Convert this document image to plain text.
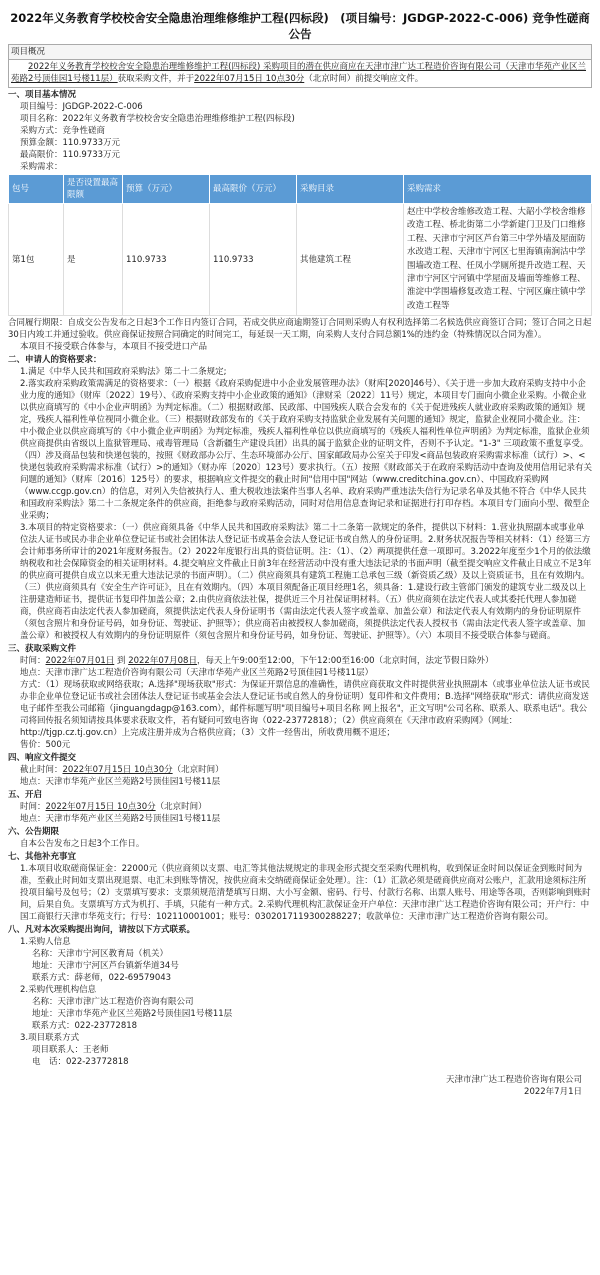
2022年义务教育学校校舍安全隐患治理维修维护工程(四标段)　(项目编号：JGDGP-2022-C-006) 竞争性磋商公告
项目概况
2022年义务教育学校校舍安全隐患治理维修维护工程(四标段) 采购项目的潜在供应商应在天津市津广达工程造价咨询有限公司（天津市华苑产业区兰苑路2号顶佳园1号楼11层）获取采购文件，并于2022年07月15日 10点30分（北京时间）前提交响应文件。
一、项目基本情况
项目编号：JGDGP-2022-C-006
项目名称：2022年义务教育学校校舍安全隐患治理维修维护工程(四标段)
采购方式：竞争性磋商
预算金额：110.9733万元
最高限价：110.9733万元
采购需求：
包号	是否设置最高限额	预算（万元）	最高限价（万元）	采购目录	采购需求
第1包	是	110.9733	110.9733	其他建筑工程	赵庄中学校舍维修改造工程、大韶小学校舍维修改造工程、桥北街第二小学新建门卫及门口维修工程、天津市宁河区芦台第三中学外墙及屋面防水改造工程、天津市宁河区七里海镇南涧沽中学围墙改造工程、任凤小学厕所提升改造工程、天津市宁河区宁河镇中学屋面及墙面等维修工程、淮淀中学围墙修复改造工程、宁河区廉庄镇中学改造工程等
合同履行期限：自成交公告发布之日起3个工作日内签订合同，若成交供应商逾期签订合同则采购人有权利选择第二名候选供应商签订合同；签订合同之日起30日内竣工并通过验收。供应商保证按照合同确定的时间完工，每延误一天工期，向采购人支付合同总额1%的违约金（特殊情况以合同为准）。
本项目不接受联合体参与，本项目不接受进口产品
二、申请人的资格要求：
1.满足《中华人民共和国政府采购法》第二十二条规定;
2.落实政府采购政策需满足的资格要求：（一）根据《政府采购促进中小企业发展管理办法》（财库[2020]46号）、《关于进一步加大政府采购支持中小企业力度的通知》（财库〔2022〕19号）、《政府采购支持中小企业政策的通知》（津财采〔2022〕11号）规定，本项目专门面向小微企业采购。小微企业以供应商填写的《中小企业声明函》为判定标准。（二）根据财政部、民政部、中国残疾人联合会发布的《关于促进残疾人就业政府采购政策的通知》规定，残疾人福利性单位视同小微企业。（三）根据财政部发布的《关于政府采购支持监狱企业发展有关问题的通知》规定，监狱企业视同小微企业。注：中小微企业以供应商填写的《中小微企业声明函》为判定标准，残疾人福利性单位以供应商填写的《残疾人福利性单位声明函》为判定标准，监狱企业须供应商提供由省级以上监狱管理局、戒毒管理局（含新疆生产建设兵团）出具的属于监狱企业的证明文件，否则不予认定。"1-3" 三项政策不重复享受。（四）涉及商品包装和快递包装的，按照《财政部办公厅、生态环境部办公厅、国家邮政局办公室关于印发<商品包装政府采购需求标准（试行）>、<快递包装政府采购需求标准（试行）>的通知》（财办库〔2020〕123号）要求执行。（五）按照《财政部关于在政府采购活动中查询及使用信用记录有关问题的通知》（财库〔2016〕125号）的要求，根据响应文件提交的截止时间"信用中国"网站（www.creditchina.gov.cn）、中国政府采购网（www.ccgp.gov.cn）的信息，对列入失信被执行人、重大税收违法案件当事人名单、政府采购严重违法失信行为记录名单及其他不符合《中华人民共和国政府采购法》第二十二条规定条件的供应商，拒绝参与政府采购活动，同时对信用信息查询记录和证据进行打印存档。本项目专门面向小型、微型企业采购；
3.本项目的特定资格要求：（一）供应商须具备《中华人民共和国政府采购法》第二十二条第一款规定的条件，提供以下材料：1.营业执照副本或事业单位法人证书或民办非企业单位登记证书或社会团体法人登记证书或基金会法人登记证书或自然人的身份证明。2.财务状况报告等相关材料：（1）经第三方会计师事务所审计的2021年度财务报告。（2）2022年度银行出具的资信证明。注：（1）、（2）两项提供任意一项即可。3.2022年度至少1个月的依法缴纳税收和社会保障资金的相关证明材料。4.提交响应文件截止日前3年在经营活动中没有重大违法记录的书面声明（截至提交响应文件截止日成立不足3年的供应商可提供自成立以来无重大违法记录的书面声明）。（二）供应商须具有建筑工程施工总承包三级（新资质乙级）及以上资质证书，且在有效期内。（三）供应商须具有《安全生产许可证》，且在有效期内。（四）本项目须配备正项目经理1名，须具备：1.建设行政主管部门颁发的建筑专业二级及以上注册建造师证书，提供证书复印件加盖公章；2.由供应商依法社保，提供近三个月社保证明材料。（五）供应商须在法定代表人或其委托代理人参加磋商，供应商若由法定代表人参加磋商，须提供法定代表人身份证明书（需由法定代表人签字或盖章、加盖公章）和法定代表人有效期内的身份证明原件（须包含照片和身份证号码，如身份证、驾驶证、护照等）；供应商若由被授权人参加磋商，须提供法定代表人授权书（需由法定代表人签字或盖章、加盖公章）和被授权人有效期内的身份证明原件（须包含照片和身份证号码，如身份证、驾驶证、护照等）。（六）本项目不接受联合体参与磋商。
三、获取采购文件
时间：2022年07月01日 到 2022年07月08日，每天上午9:00至12:00，下午12:00至16:00（北京时间，法定节假日除外）
地点：天津市津广达工程造价咨询有限公司（天津市华苑产业区兰苑路2号顶佳园1号楼11层）
方式：（1）现场获取或网络获取；A.选择"现场获取"形式：为保证开票信息的准确性，请供应商获取文件时提供营业执照副本（或事业单位法人证书或民办非企业单位登记证书或社会团体法人登记证书或基金会法人登记证书或自然人的身份证明）复印件和文件费用；B.选择"网络获取"形式：请供应商发送电子邮件至我公司邮箱（jinguangdagp@163.com），邮件标题写明"项目编号+项目名称 网上报名"，正文写明"公司名称、联系人、联系电话"。我公司将回传报名须知请按具体要求获取文件，若有疑问可致电咨询（022-23772818）；（2）供应商须在《天津市政府采购网》（网址：http://tjgp.cz.tj.gov.cn）上完成注册并成为合格供应商；（3）文件一经售出，所收费用概不退还；
售价：500元
四、响应文件提交
截止时间：2022年07月15日 10点30分（北京时间）
地点：天津市华苑产业区兰苑路2号顶佳园1号楼11层
五、开启
时间：2022年07月15日 10点30分（北京时间）
地点：天津市华苑产业区兰苑路2号顶佳园1号楼11层
六、公告期限
自本公告发布之日起3个工作日。
七、其他补充事宜
1.本项目收取磋商保证金：22000元（供应商须以支票、电汇等其他法规规定的非现金形式提交至采购代理机构，收到保证金时间以保证金到账时间为准，至截止时间如支票出现退票、电汇未到账等情况，按供应商未交纳磋商保证金处理）。注：（1）汇款必须是磋商供应商对公账户，汇款用途须标注所投项目编号及包号；（2）支票填写要求：支票须规范清楚填写日期、大小写金额、密码、行号、付款行名称、出票人账号、用途等各项，否则影响到账时间，后果自负。支票填写方式为机打、手填，只能有一种方式。2.采购代理机构汇款保证金开户单位：天津市津广达工程造价咨询有限公司；开户行：中国工商银行天津市华苑支行；行号：102110001001；账号：0302017119300288227；收款单位：天津市津广达工程造价咨询有限公司。
八、凡对本次采购提出询问，请按以下方式联系。
1.采购人信息
名称：天津市宁河区教育局（机关）
地址：天津市宁河区芦台镇新华道34号
联系方式：薛老师，022-69579043
2.采购代理机构信息
名称：天津市津广达工程造价咨询有限公司
地址：天津市华苑产业区兰苑路2号顶佳园1号楼11层
联系方式：022-23772818
3.项目联系方式
项目联系人：王老师
电　话：022-23772818
天津市津广达工程造价咨询有限公司
2022年7月1日
